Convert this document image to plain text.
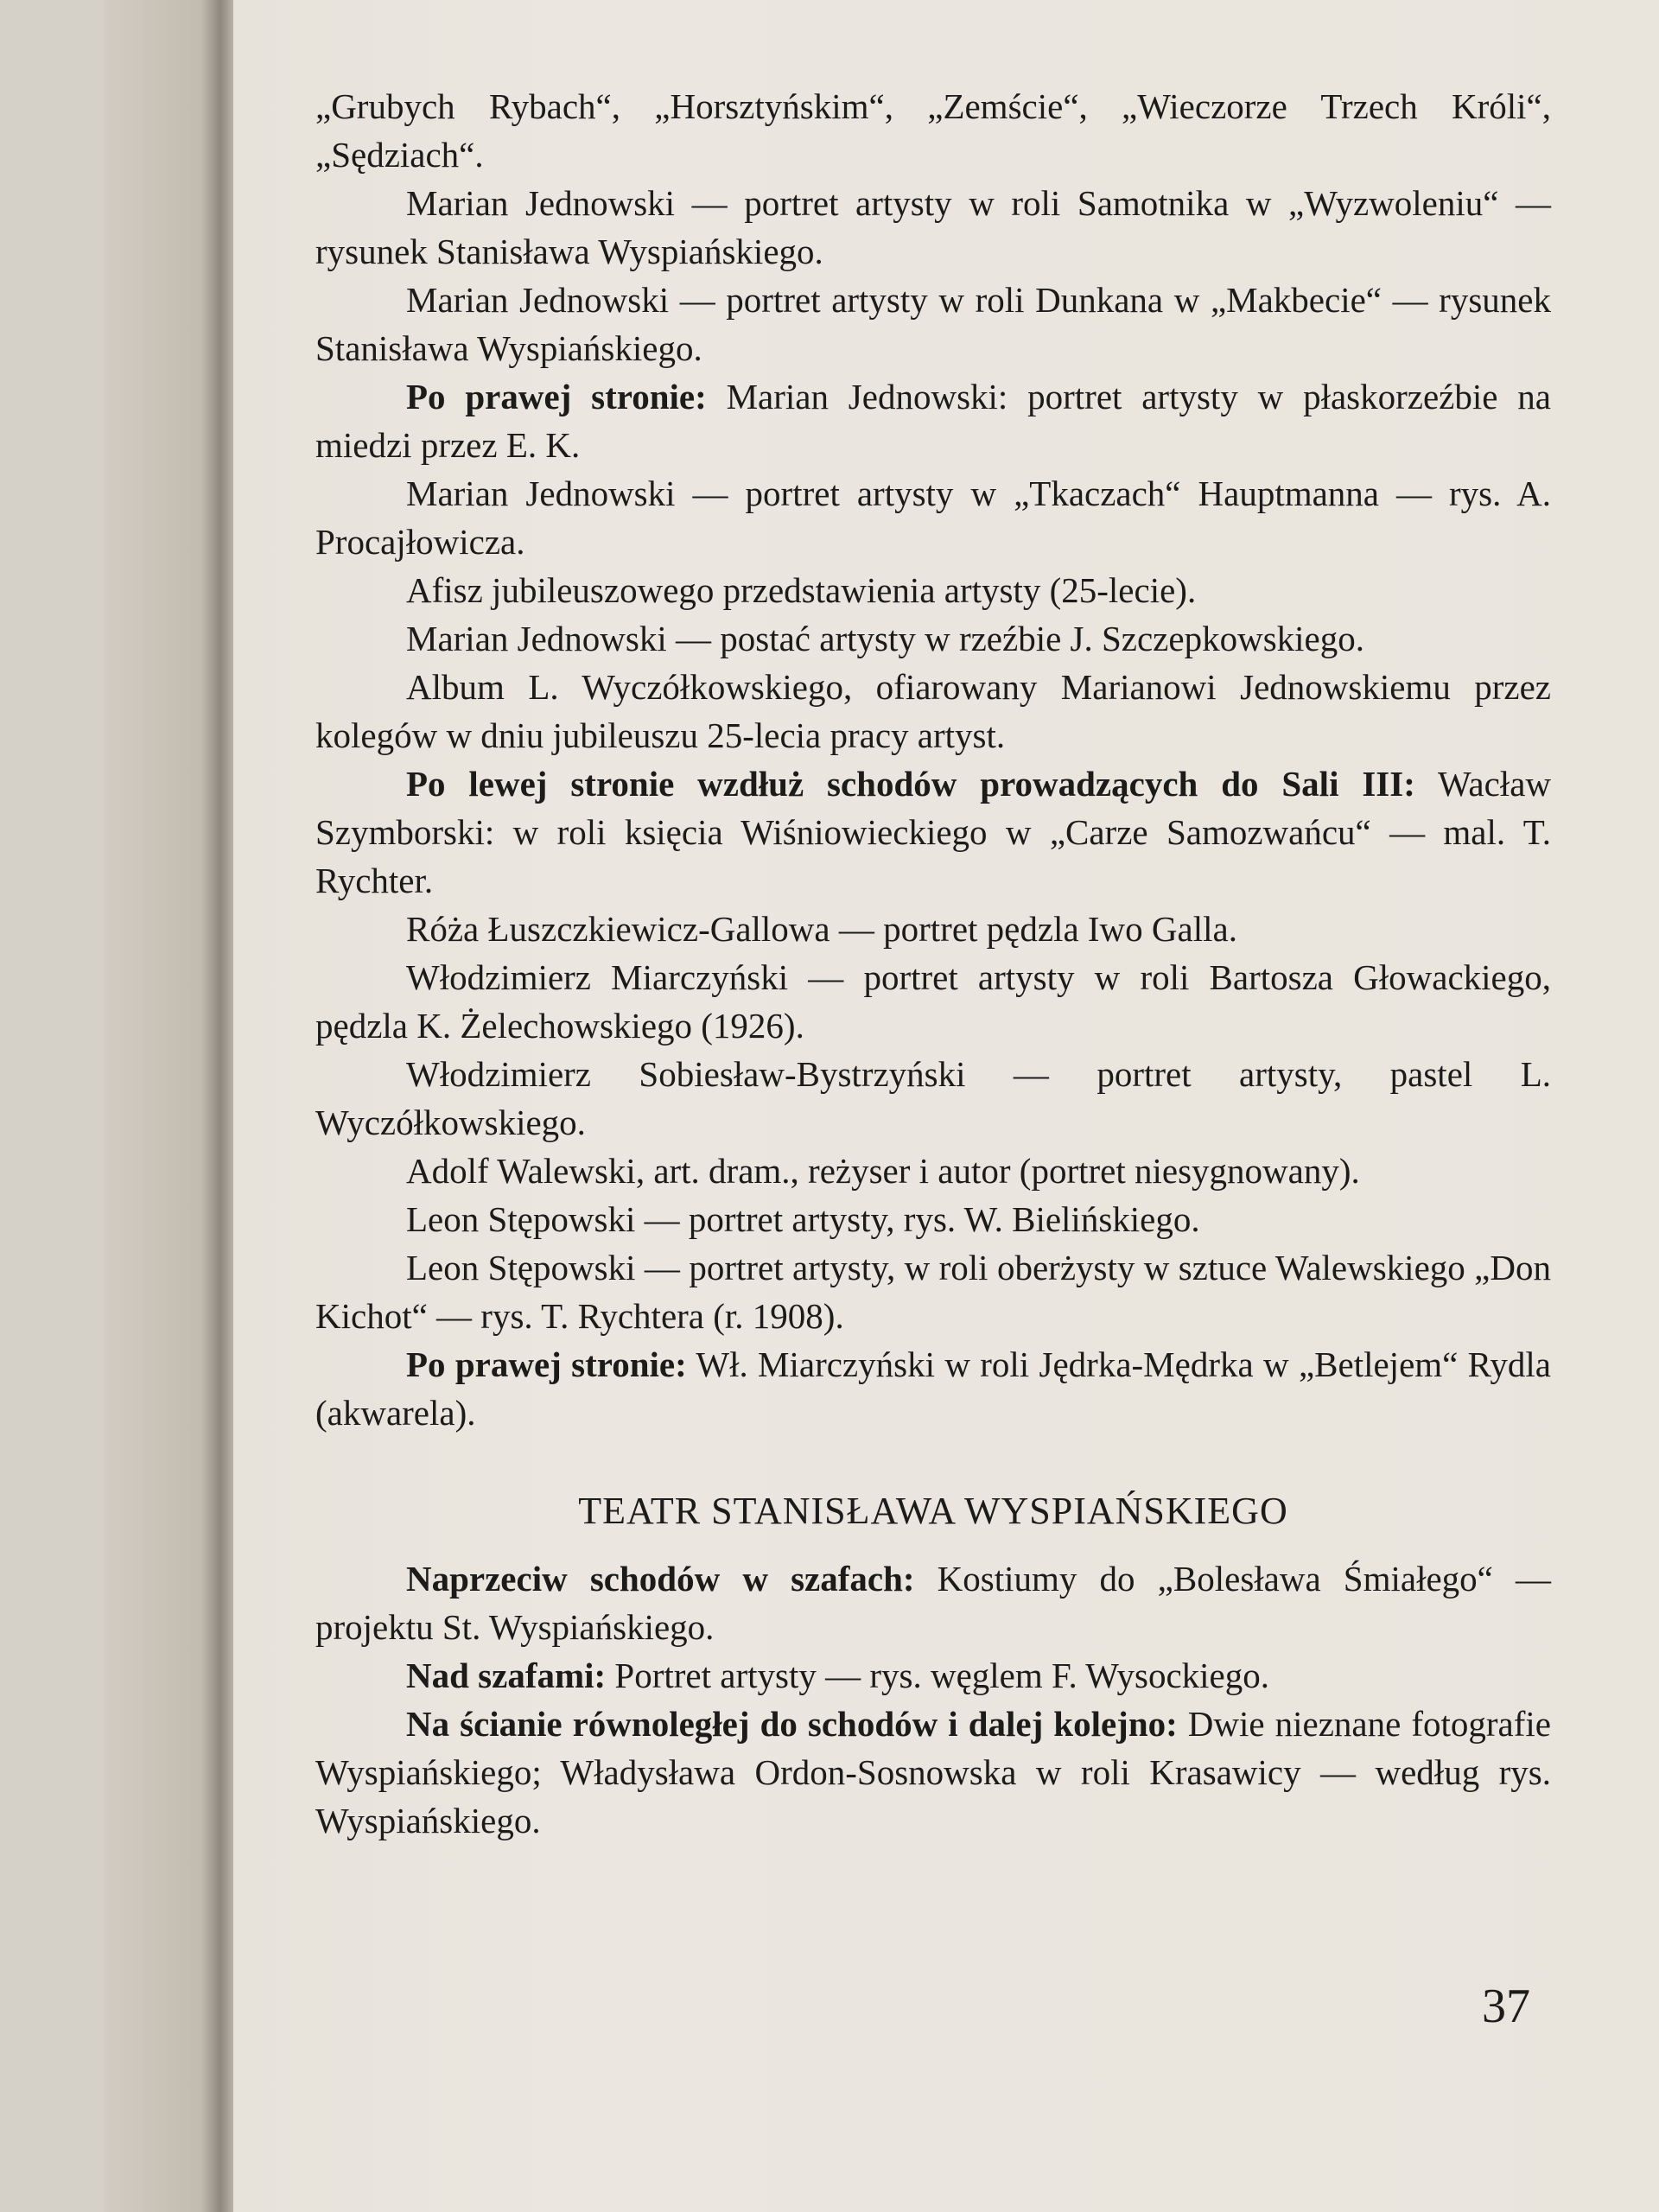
„Grubych Rybach“, „Horsztyńskim“, „Zemście“, „Wieczorze Trzech Króli“, „Sędziach“.

Marian Jednowski — portret artysty w roli Samotnika w „Wyzwoleniu“ — rysunek Stanisława Wyspiańskiego.

Marian Jednowski — portret artysty w roli Dunkana w „Makbecie“ — rysunek Stanisława Wyspiańskiego.

Po prawej stronie: Marian Jednowski: portret artysty w płaskorzeźbie na miedzi przez E. K.

Marian Jednowski — portret artysty w „Tkaczach“ Hauptmanna — rys. A. Procajłowicza.

Afisz jubileuszowego przedstawienia artysty (25-lecie).

Marian Jednowski — postać artysty w rzeźbie J. Szczepkowskiego.

Album L. Wyczółkowskiego, ofiarowany Marianowi Jednowskiemu przez kolegów w dniu jubileuszu 25-lecia pracy artyst.

Po lewej stronie wzdłuż schodów prowadzących do Sali III: Wacław Szymborski: w roli księcia Wiśniowieckiego w „Carze Samozwańcu“ — mal. T. Rychter.

Róża Łuszczkiewicz-Gallowa — portret pędzla Iwo Galla.

Włodzimierz Miarczyński — portret artysty w roli Bartosza Głowackiego, pędzla K. Żelechowskiego (1926).

Włodzimierz Sobiesław-Bystrzyński — portret artysty, pastel L. Wyczółkowskiego.

Adolf Walewski, art. dram., reżyser i autor (portret niesygnowany).

Leon Stępowski — portret artysty, rys. W. Bielińskiego.

Leon Stępowski — portret artysty, w roli oberżysty w sztuce Walewskiego „Don Kichot“ — rys. T. Rychtera (r. 1908).

Po prawej stronie: Wł. Miarczyński w roli Jędrka-Mędrka w „Betlejem“ Rydla (akwarela).

TEATR STANISŁAWA WYSPIAŃSKIEGO

Naprzeciw schodów w szafach: Kostiumy do „Bolesława Śmiałego“ — projektu St. Wyspiańskiego.

Nad szafami: Portret artysty — rys. węglem F. Wysockiego.

Na ścianie równoległej do schodów i dalej kolejno: Dwie nieznane fotografie Wyspiańskiego; Władysława Ordon-Sosnowska w roli Krasawicy — według rys. Wyspiańskiego.

37
